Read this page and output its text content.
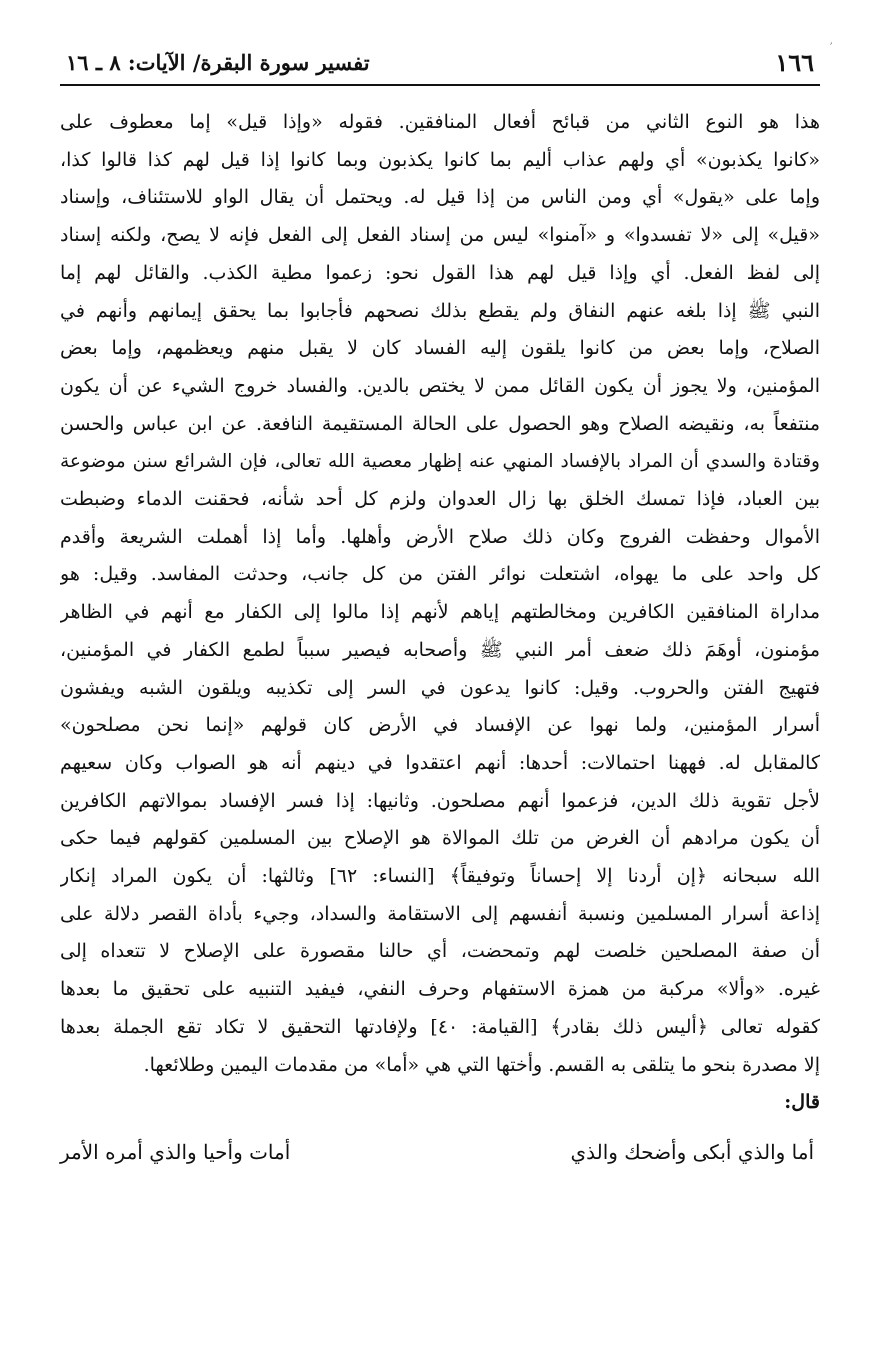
׳
١٦٦
تفسير سورة البقرة/ الآيات: ٨ ـ ١٦
هذا هو النوع الثاني من قبائح أفعال المنافقين. فقوله «وإذا قيل» إما معطوف على
«كانوا يكذبون» أي ولهم عذاب أليم بما كانوا يكذبون وبما كانوا إذا قيل لهم كذا قالوا كذا،
وإما على «يقول» أي ومن الناس من إذا قيل له. ويحتمل أن يقال الواو للاستئناف، وإسناد
«قيل» إلى «لا تفسدوا» و «آمنوا» ليس من إسناد الفعل إلى الفعل فإنه لا يصح، ولكنه إسناد
إلى لفظ الفعل. أي وإذا قيل لهم هذا القول نحو: زعموا مطية الكذب. والقائل لهم إما
النبي ﷺ إذا بلغه عنهم النفاق ولم يقطع بذلك نصحهم فأجابوا بما يحقق إيمانهم وأنهم في
الصلاح، وإما بعض من كانوا يلقون إليه الفساد كان لا يقبل منهم ويعظمهم، وإما بعض
المؤمنين، ولا يجوز أن يكون القائل ممن لا يختص بالدين. والفساد خروج الشيء عن أن يكون
منتفعاً به، ونقيضه الصلاح وهو الحصول على الحالة المستقيمة النافعة. عن ابن عباس والحسن
وقتادة والسدي أن المراد بالإفساد المنهي عنه إظهار معصية الله تعالى، فإن الشرائع سنن موضوعة
بين العباد، فإذا تمسك الخلق بها زال العدوان ولزم كل أحد شأنه، فحقنت الدماء وضبطت
الأموال وحفظت الفروج وكان ذلك صلاح الأرض وأهلها. وأما إذا أهملت الشريعة وأقدم
كل واحد على ما يهواه، اشتعلت نوائر الفتن من كل جانب، وحدثت المفاسد. وقيل: هو
مداراة المنافقين الكافرين ومخالطتهم إياهم لأنهم إذا مالوا إلى الكفار مع أنهم في الظاهر
مؤمنون، أوهَمَ ذلك ضعف أمر النبي ﷺ وأصحابه فيصير سبباً لطمع الكفار في المؤمنين،
فتهيج الفتن والحروب. وقيل: كانوا يدعون في السر إلى تكذيبه ويلقون الشبه ويفشون
أسرار المؤمنين، ولما نهوا عن الإفساد في الأرض كان قولهم «إنما نحن مصلحون»
كالمقابل له. فههنا احتمالات: أحدها: أنهم اعتقدوا في دينهم أنه هو الصواب وكان سعيهم
لأجل تقوية ذلك الدين، فزعموا أنهم مصلحون. وثانيها: إذا فسر الإفساد بموالاتهم الكافرين
أن يكون مرادهم أن الغرض من تلك الموالاة هو الإصلاح بين المسلمين كقولهم فيما حكى
الله سبحانه ﴿إن أردنا إلا إحساناً وتوفيقاً﴾ [النساء: ٦٢] وثالثها: أن يكون المراد إنكار
إذاعة أسرار المسلمين ونسبة أنفسهم إلى الاستقامة والسداد، وجيء بأداة القصر دلالة على
أن صفة المصلحين خلصت لهم وتمحضت، أي حالنا مقصورة على الإصلاح لا تتعداه إلى
غيره. «وألا» مركبة من همزة الاستفهام وحرف النفي، فيفيد التنبيه على تحقيق ما بعدها
كقوله تعالى ﴿أليس ذلك بقادر﴾ [القيامة: ٤٠] ولإفادتها التحقيق لا تكاد تقع الجملة بعدها
إلا مصدرة بنحو ما يتلقى به القسم. وأختها التي هي «أما» من مقدمات اليمين وطلائعها.
قال:
أما والذي أبكى وأضحك والذي
أمات وأحيا والذي أمره الأمر
